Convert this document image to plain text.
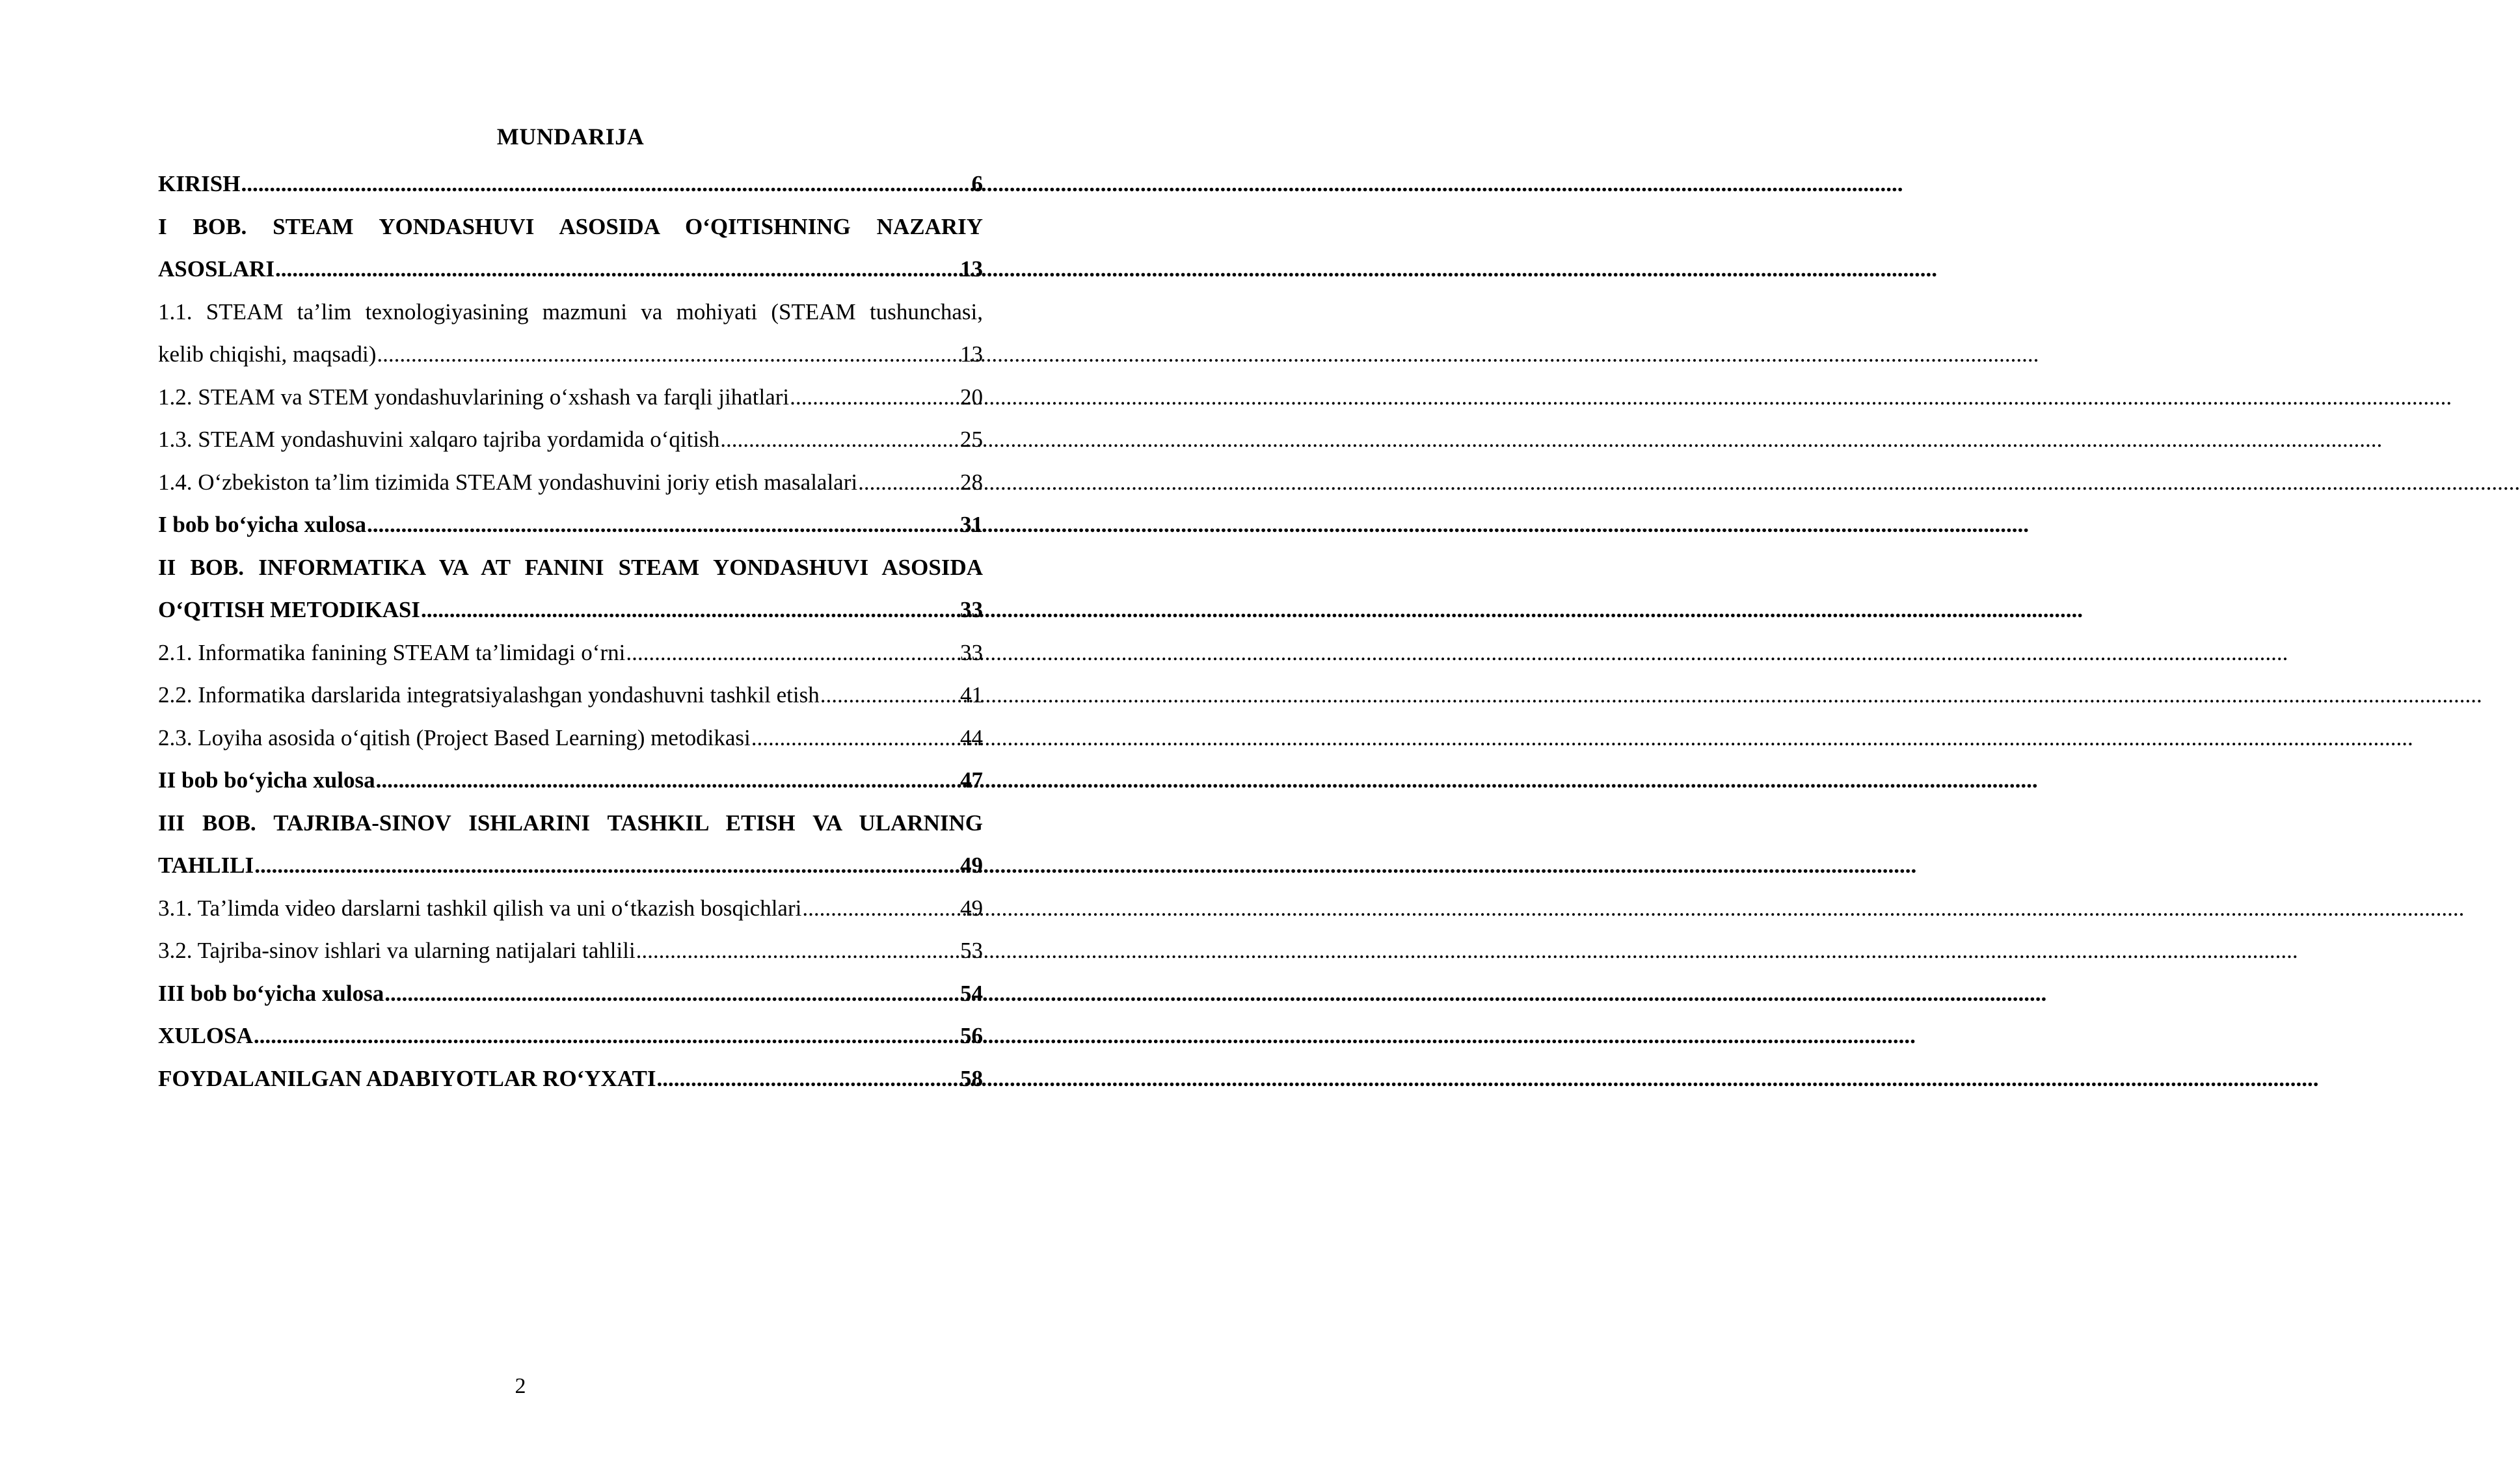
MUNDARIJA
KIRISH .....	6
I BOB. STEAM YONDASHUVI ASOSIDA O‘QITISHNING NAZARIY
ASOSLARI .....	13
1.1. STEAM ta’lim texnologiyasining mazmuni va mohiyati (STEAM tushunchasi,
kelib chiqishi, maqsadi) .....	13
1.2. STEAM va STEM yondashuvlarining o‘xshash va farqli jihatlari .....	20
1.3. STEAM yondashuvini xalqaro tajriba yordamida o‘qitish .....	25
1.4. O‘zbekiston ta’lim tizimida STEAM yondashuvini joriy etish masalalari .....	28
I bob bo‘yicha xulosa .....	31
II BOB. INFORMATIKA VA AT FANINI STEAM YONDASHUVI ASOSIDA
O‘QITISH METODIKASI .....	33
2.1. Informatika fanining STEAM ta’limidagi o‘rni .....	33
2.2. Informatika darslarida integratsiyalashgan yondashuvni tashkil etish .....	41
2.3. Loyiha asosida o‘qitish (Project Based Learning) metodikasi .....	44
II bob bo‘yicha xulosa .....	47
III BOB. TAJRIBA-SINOV ISHLARINI TASHKIL ETISH VA ULARNING
TAHLILI .....	49
3.1. Ta’limda video darslarni tashkil qilish va uni o‘tkazish bosqichlari .....	49
3.2. Tajriba-sinov ishlari va ularning natijalari tahlili .....	53
III bob bo‘yicha xulosa .....	54
XULOSA .....	56
FOYDALANILGAN ADABIYOTLAR RO‘YXATI .....	58
2
